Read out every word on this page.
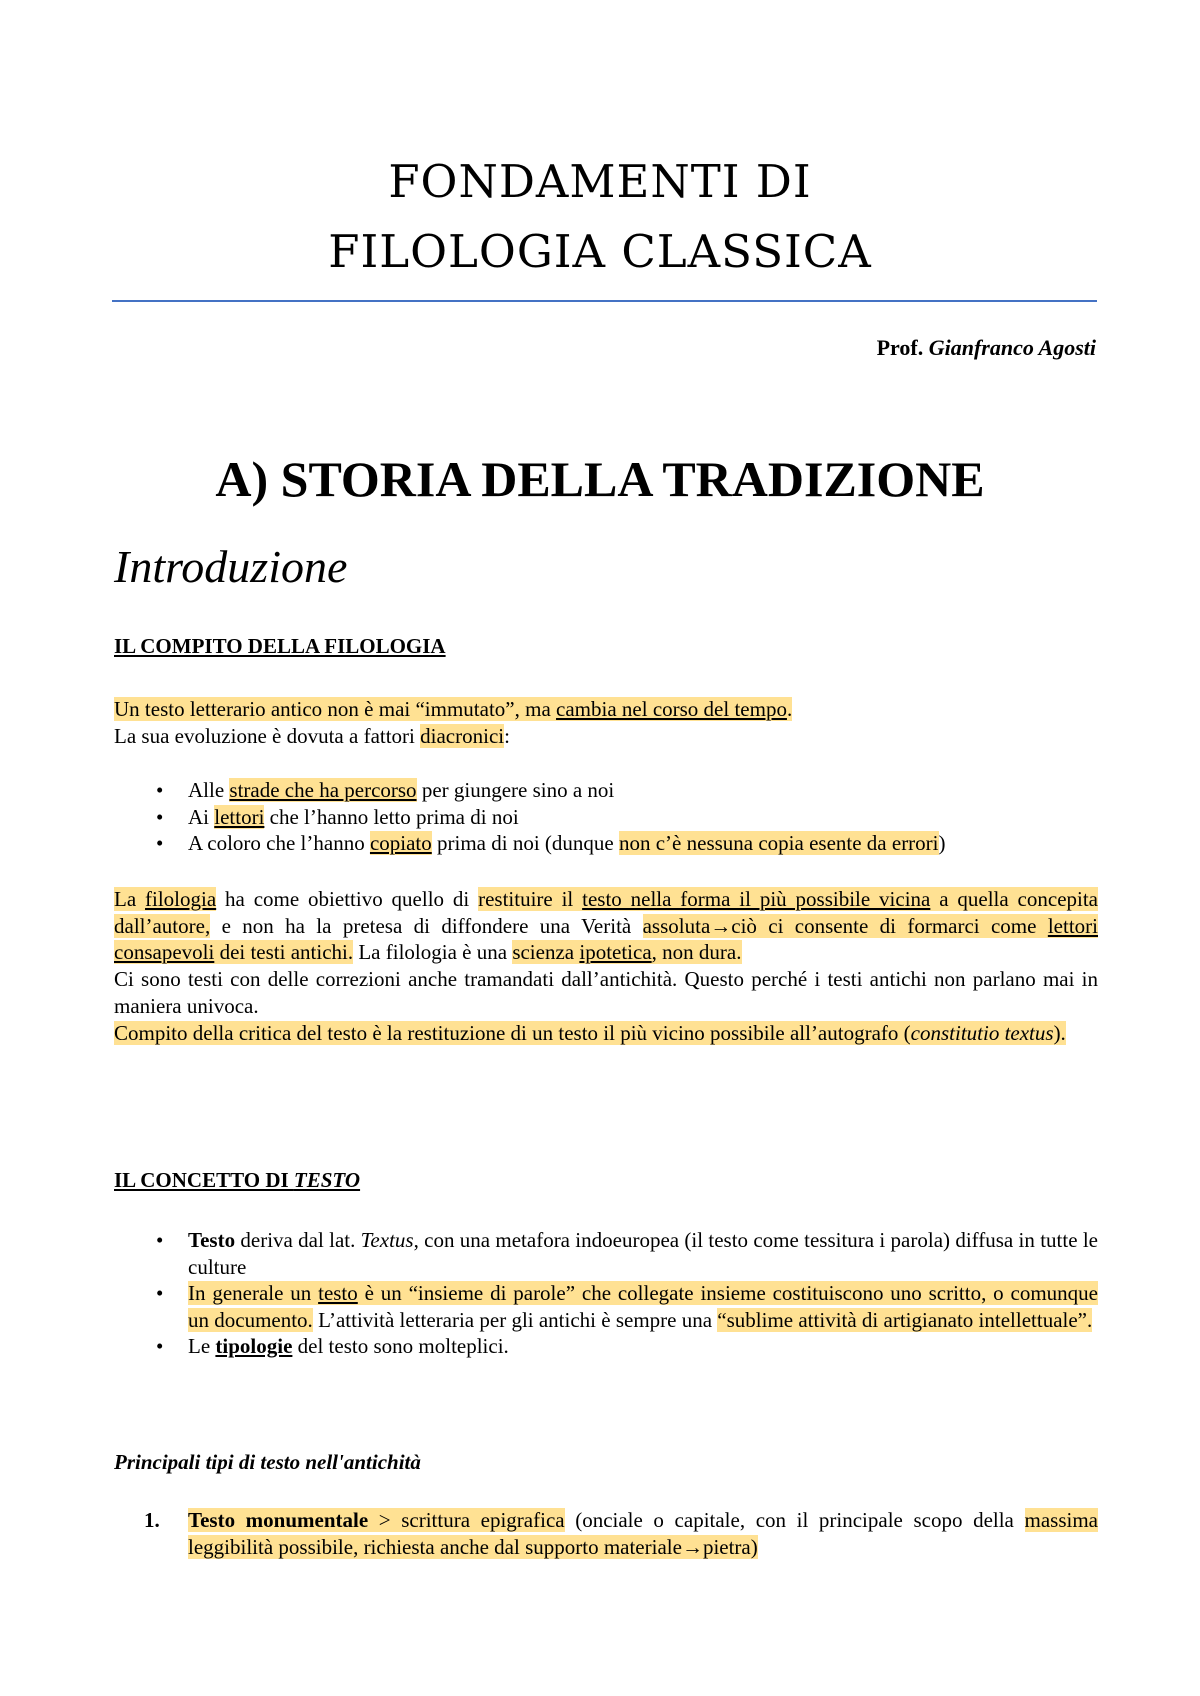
FONDAMENTI DI
FILOLOGIA CLASSICA
Prof. Gianfranco Agosti
A) STORIA DELLA TRADIZIONE
Introduzione
IL COMPITO DELLA FILOLOGIA

Un testo letterario antico non è mai “immutato”, ma cambia nel corso del tempo.

La sua evoluzione è dovuta a fattori diacronici:

• Alle strade che ha percorso per giungere sino a noi
• Ai lettori che l’hanno letto prima di noi
• A coloro che l’hanno copiato prima di noi (dunque non c’è nessuna copia esente da errori)

La filologia ha come obiettivo quello di restituire il testo nella forma il più possibile vicina a quella concepita dall’autore, e non ha la pretesa di diffondere una Verità assoluta→ciò ci consente di formarci come lettori consapevoli dei testi antichi. La filologia è una scienza ipotetica, non dura.

Ci sono testi con delle correzioni anche tramandati dall’antichità. Questo perché i testi antichi non parlano mai in maniera univoca.

Compito della critica del testo è la restituzione di un testo il più vicino possibile all’autografo (constitutio textus).

IL CONCETTO DI TESTO
• Testo deriva dal lat. Textus, con una metafora indoeuropea (il testo come tessitura i parola) diffusa in tutte le culture
• In generale un testo è un “insieme di parole” che collegate insieme costituiscono uno scritto, o comunque un documento. L’attività letteraria per gli antichi è sempre una “sublime attività di artigianato intellettuale”.
• Le tipologie del testo sono molteplici.

Principali tipi di testo nell'antichità

1. Testo monumentale > scrittura epigrafica (onciale o capitale, con il principale scopo della massima leggibilità possibile, richiesta anche dal supporto materiale→pietra)
